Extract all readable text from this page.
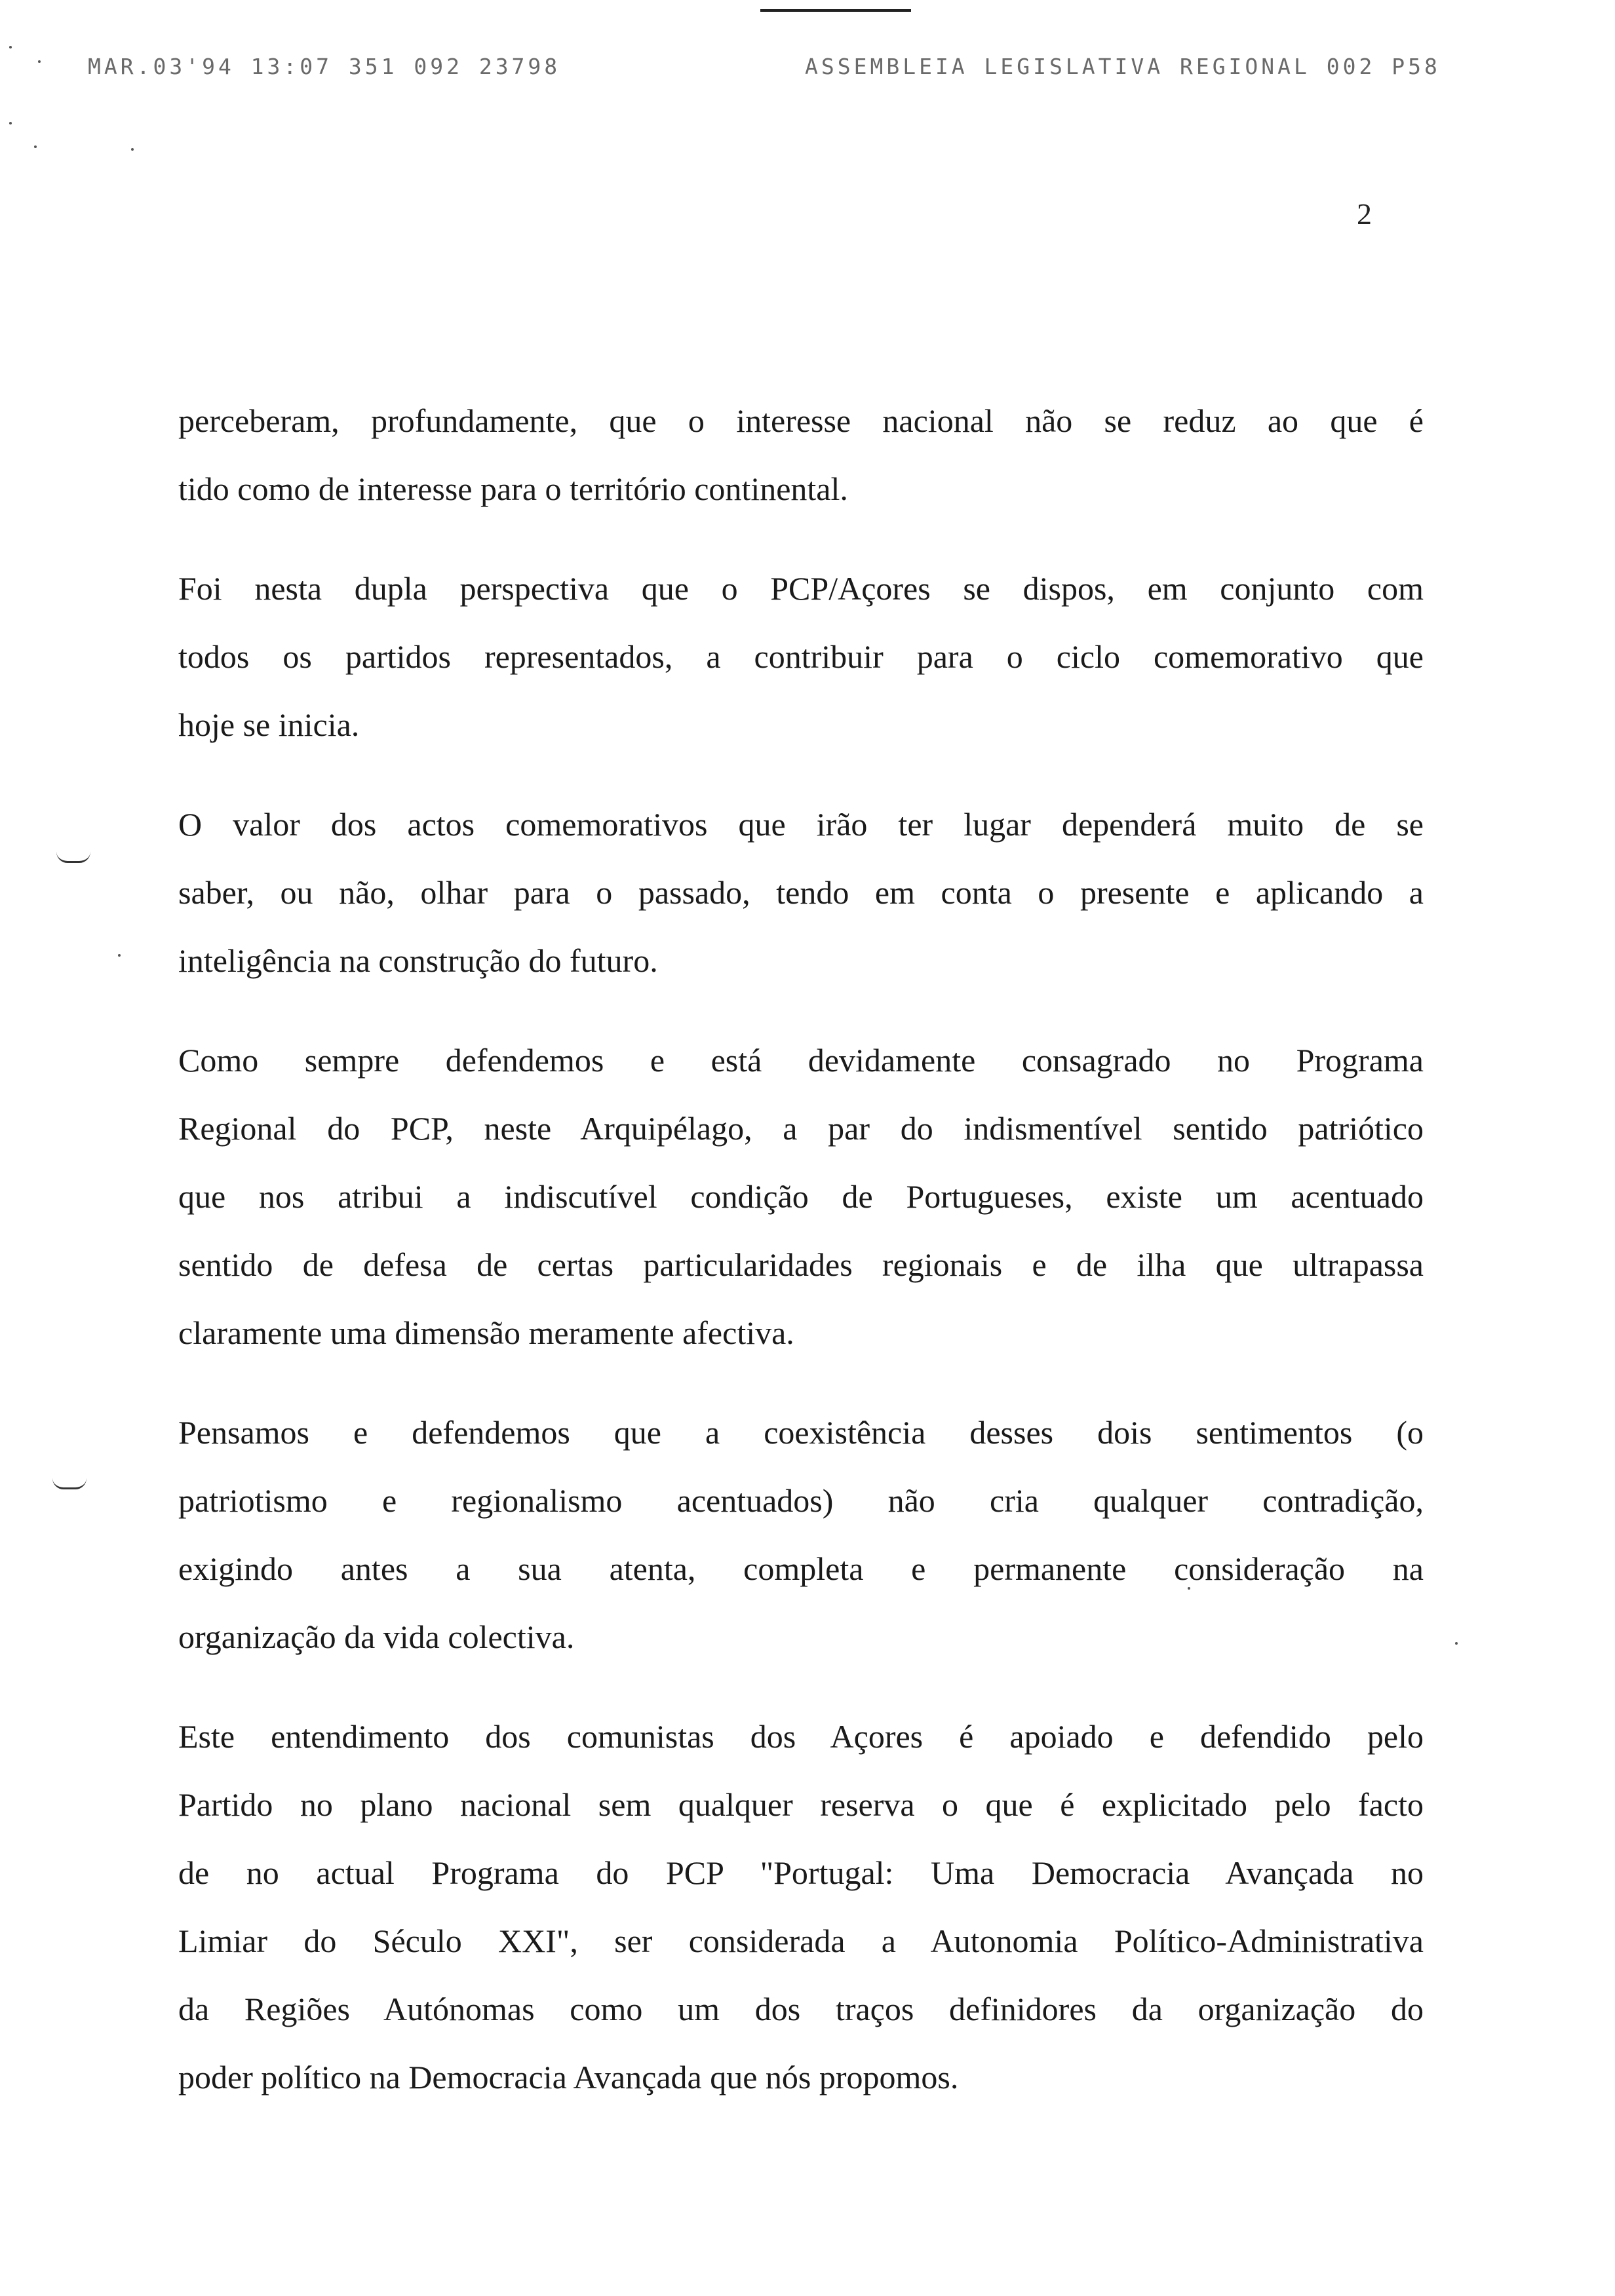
MAR.03'94 13:07 351 092 23798	ASSEMBLEIA LEGISLATIVA REGIONAL 002 P58
2
perceberam, profundamente, que o interesse nacional não se reduz ao que é
tido como de interesse para o território continental.
Foi nesta dupla perspectiva que o PCP/Açores se dispos, em conjunto com
todos os partidos representados, a contribuir para o ciclo comemorativo que
hoje se inicia.
O valor dos actos comemorativos que irão ter lugar dependerá muito de se
saber, ou não, olhar para o passado, tendo em conta o presente e aplicando a
inteligência na construção do futuro.
Como sempre defendemos e está devidamente consagrado no Programa
Regional do PCP, neste Arquipélago, a par do indismentível sentido patriótico
que nos atribui a indiscutível condição de Portugueses, existe um acentuado
sentido de defesa de certas particularidades regionais e de ilha que ultrapassa
claramente uma dimensão meramente afectiva.
Pensamos e defendemos que a coexistência desses dois sentimentos (o
patriotismo e regionalismo acentuados) não cria qualquer contradição,
exigindo antes a sua atenta, completa e permanente consideração na
organização da vida colectiva.
Este entendimento dos comunistas dos Açores é apoiado e defendido pelo
Partido no plano nacional sem qualquer reserva o que é explicitado pelo facto
de no actual Programa do PCP "Portugal: Uma Democracia Avançada no
Limiar do Século XXI", ser considerada a Autonomia Político-Administrativa
da Regiões Autónomas como um dos traços definidores da organização do
poder político na Democracia Avançada que nós propomos.
